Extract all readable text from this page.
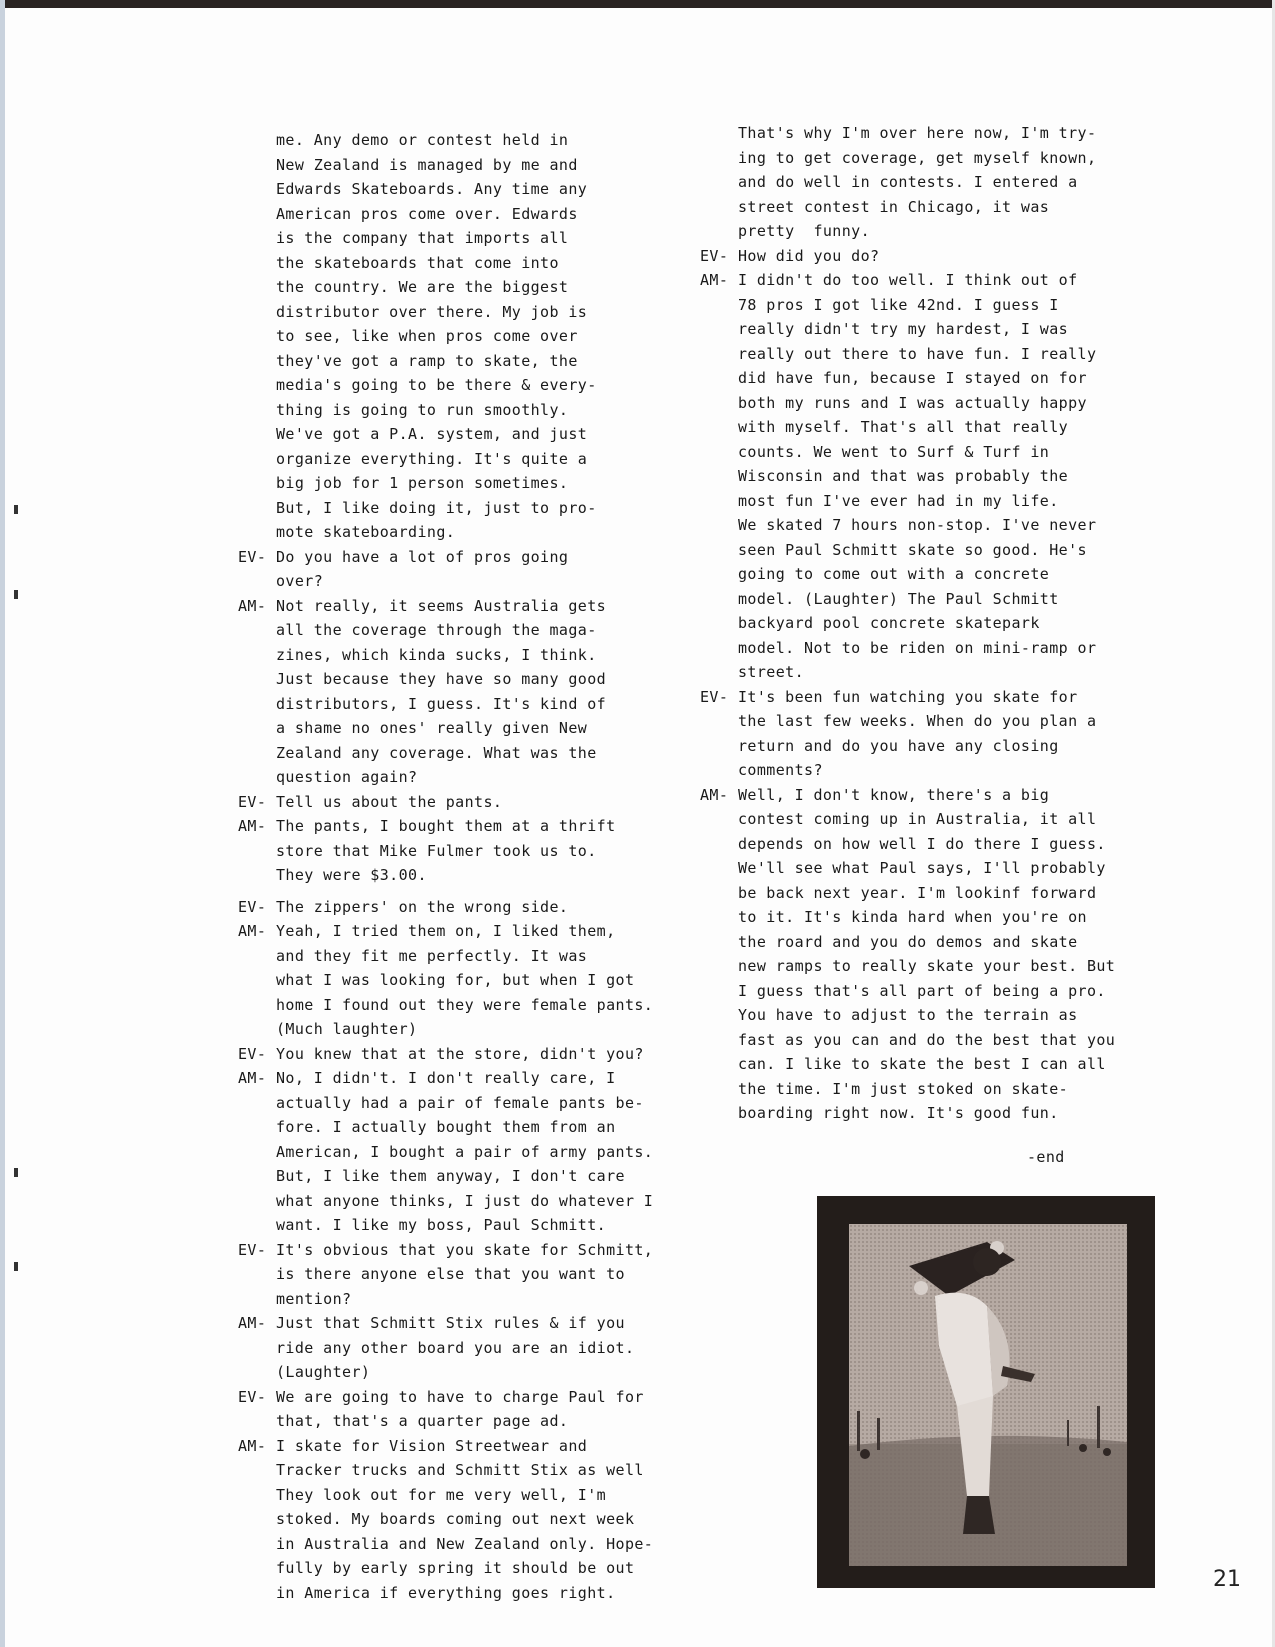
me. Any demo or contest held in
New Zealand is managed by me and
Edwards Skateboards. Any time any
American pros come over. Edwards
is the company that imports all
the skateboards that come into
the country. We are the biggest
distributor over there. My job is
to see, like when pros come over
they've got a ramp to skate, the
media's going to be there & every-
thing is going to run smoothly.
We've got a P.A. system, and just
organize everything. It's quite a
big job for 1 person sometimes.
But, I like doing it, just to pro-
mote skateboarding.
EV- Do you have a lot of pros going
over?
AM- Not really, it seems Australia gets
all the coverage through the maga-
zines, which kinda sucks, I think.
Just because they have so many good
distributors, I guess. It's kind of
a shame no ones' really given New
Zealand any coverage. What was the
question again?
EV- Tell us about the pants.
AM- The pants, I bought them at a thrift
store that Mike Fulmer took us to.
They were $3.00.
EV- The zippers' on the wrong side.
AM- Yeah, I tried them on, I liked them,
and they fit me perfectly. It was
what I was looking for, but when I got
home I found out they were female pants.
(Much laughter)
EV- You knew that at the store, didn't you?
AM- No, I didn't. I don't really care, I
actually had a pair of female pants be-
fore. I actually bought them from an
American, I bought a pair of army pants.
But, I like them anyway, I don't care
what anyone thinks, I just do whatever I
want. I like my boss, Paul Schmitt.
EV- It's obvious that you skate for Schmitt,
is there anyone else that you want to
mention?
AM- Just that Schmitt Stix rules & if you
ride any other board you are an idiot.
(Laughter)
EV- We are going to have to charge Paul for
that, that's a quarter page ad.
AM- I skate for Vision Streetwear and
Tracker trucks and Schmitt Stix as well
They look out for me very well, I'm
stoked. My boards coming out next week
in Australia and New Zealand only. Hope-
fully by early spring it should be out
in America if everything goes right.
That's why I'm over here now, I'm try-
ing to get coverage, get myself known,
and do well in contests. I entered a
street contest in Chicago, it was
pretty  funny.
EV- How did you do?
AM- I didn't do too well. I think out of
78 pros I got like 42nd. I guess I
really didn't try my hardest, I was
really out there to have fun. I really
did have fun, because I stayed on for
both my runs and I was actually happy
with myself. That's all that really
counts. We went to Surf & Turf in
Wisconsin and that was probably the
most fun I've ever had in my life.
We skated 7 hours non-stop. I've never
seen Paul Schmitt skate so good. He's
going to come out with a concrete
model. (Laughter) The Paul Schmitt
backyard pool concrete skatepark
model. Not to be riden on mini-ramp or
street.
EV- It's been fun watching you skate for
the last few weeks. When do you plan a
return and do you have any closing
comments?
AM- Well, I don't know, there's a big
contest coming up in Australia, it all
depends on how well I do there I guess.
We'll see what Paul says, I'll probably
be back next year. I'm lookinf forward
to it. It's kinda hard when you're on
the roard and you do demos and skate
new ramps to really skate your best. But
I guess that's all part of being a pro.
You have to adjust to the terrain as
fast as you can and do the best that you
can. I like to skate the best I can all
the time. I'm just stoked on skate-
boarding right now. It's good fun.
-end
21
